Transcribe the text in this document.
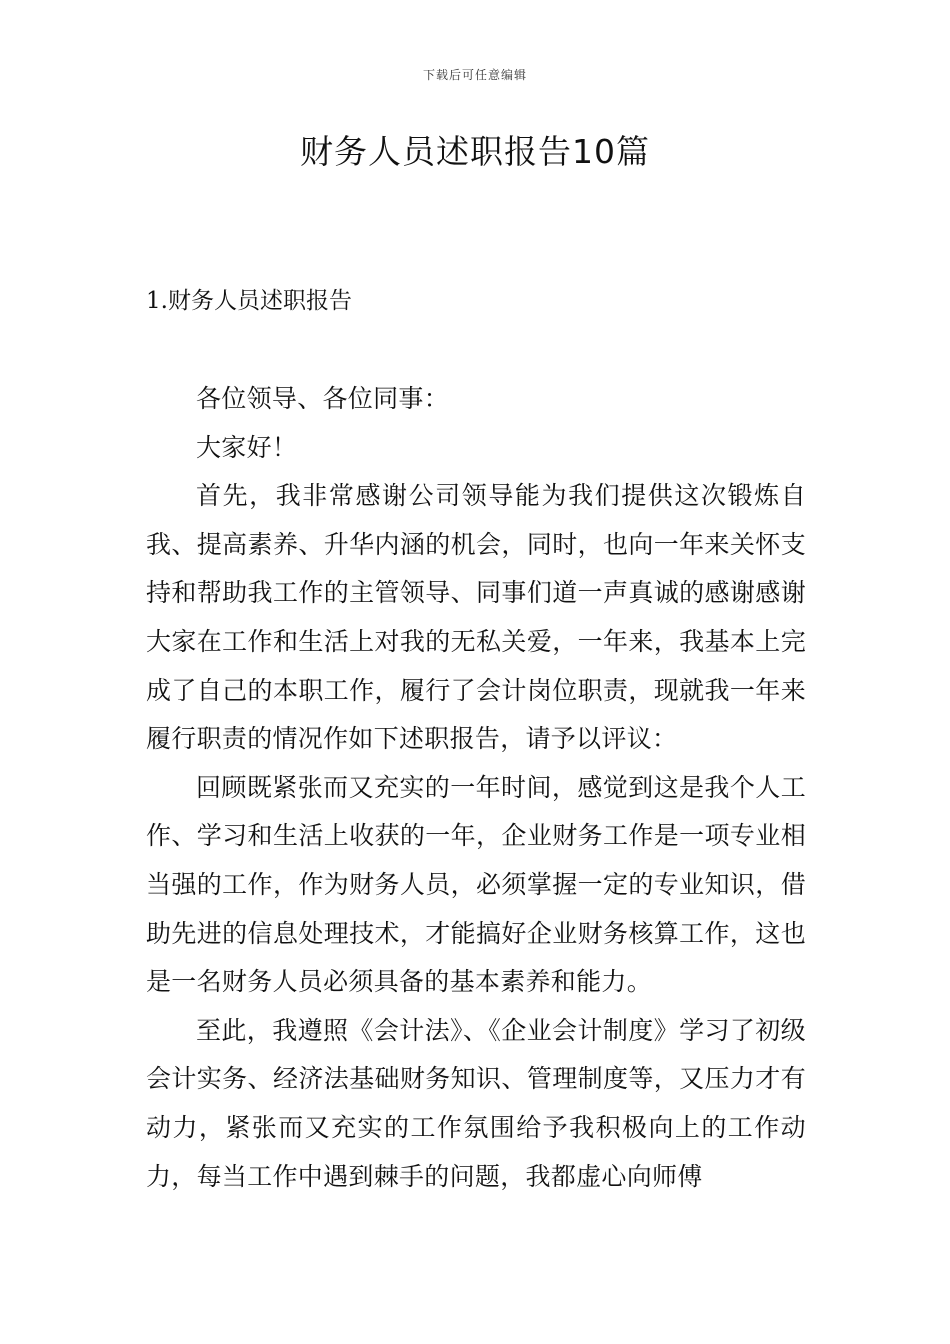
下载后可任意编辑
财务人员述职报告10篇
1.财务人员述职报告

各位领导、各位同事：

大家好！

首先，我非常感谢公司领导能为我们提供这次锻炼自我、提高素养、升华内涵的机会，同时，也向一年来关怀支持和帮助我工作的主管领导、同事们道一声真诚的感谢感谢大家在工作和生活上对我的无私关爱，一年来，我基本上完成了自己的本职工作，履行了会计岗位职责，现就我一年来履行职责的情况作如下述职报告，请予以评议：

回顾既紧张而又充实的一年时间，感觉到这是我个人工作、学习和生活上收获的一年，企业财务工作是一项专业相当强的工作，作为财务人员，必须掌握一定的专业知识，借助先进的信息处理技术，才能搞好企业财务核算工作，这也是一名财务人员必须具备的基本素养和能力。

至此，我遵照《会计法》、《企业会计制度》学习了初级会计实务、经济法基础财务知识、管理制度等，又压力才有动力，紧张而又充实的工作氛围给予我积极向上的工作动力，每当工作中遇到棘手的问题，我都虚心向师傅
